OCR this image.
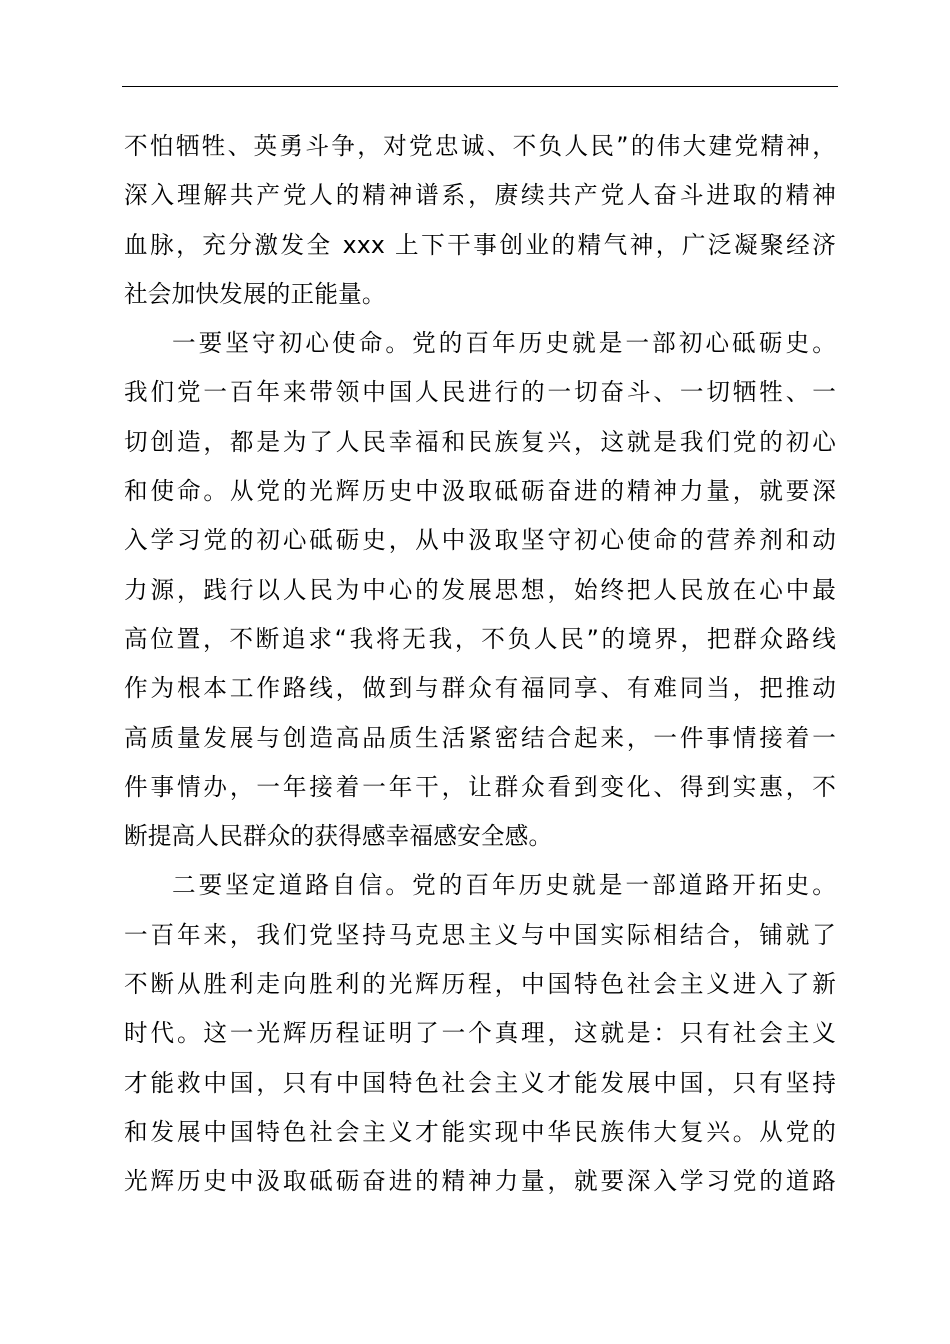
不怕牺牲、英勇斗争，对党忠诚、不负人民”的伟大建党精神，
深入理解共产党人的精神谱系，赓续共产党人奋斗进取的精神
血脉，充分激发全 xxx 上下干事创业的精气神，广泛凝聚经济
社会加快发展的正能量。
一要坚守初心使命。党的百年历史就是一部初心砥砺史。
我们党一百年来带领中国人民进行的一切奋斗、一切牺牲、一
切创造，都是为了人民幸福和民族复兴，这就是我们党的初心
和使命。从党的光辉历史中汲取砥砺奋进的精神力量，就要深
入学习党的初心砥砺史，从中汲取坚守初心使命的营养剂和动
力源，践行以人民为中心的发展思想，始终把人民放在心中最
高位置，不断追求“我将无我，不负人民”的境界，把群众路线
作为根本工作路线，做到与群众有福同享、有难同当，把推动
高质量发展与创造高品质生活紧密结合起来，一件事情接着一
件事情办，一年接着一年干，让群众看到变化、得到实惠，不
断提高人民群众的获得感幸福感安全感。
二要坚定道路自信。党的百年历史就是一部道路开拓史。
一百年来，我们党坚持马克思主义与中国实际相结合，铺就了
不断从胜利走向胜利的光辉历程，中国特色社会主义进入了新
时代。这一光辉历程证明了一个真理，这就是：只有社会主义
才能救中国，只有中国特色社会主义才能发展中国，只有坚持
和发展中国特色社会主义才能实现中华民族伟大复兴。从党的
光辉历史中汲取砥砺奋进的精神力量，就要深入学习党的道路
